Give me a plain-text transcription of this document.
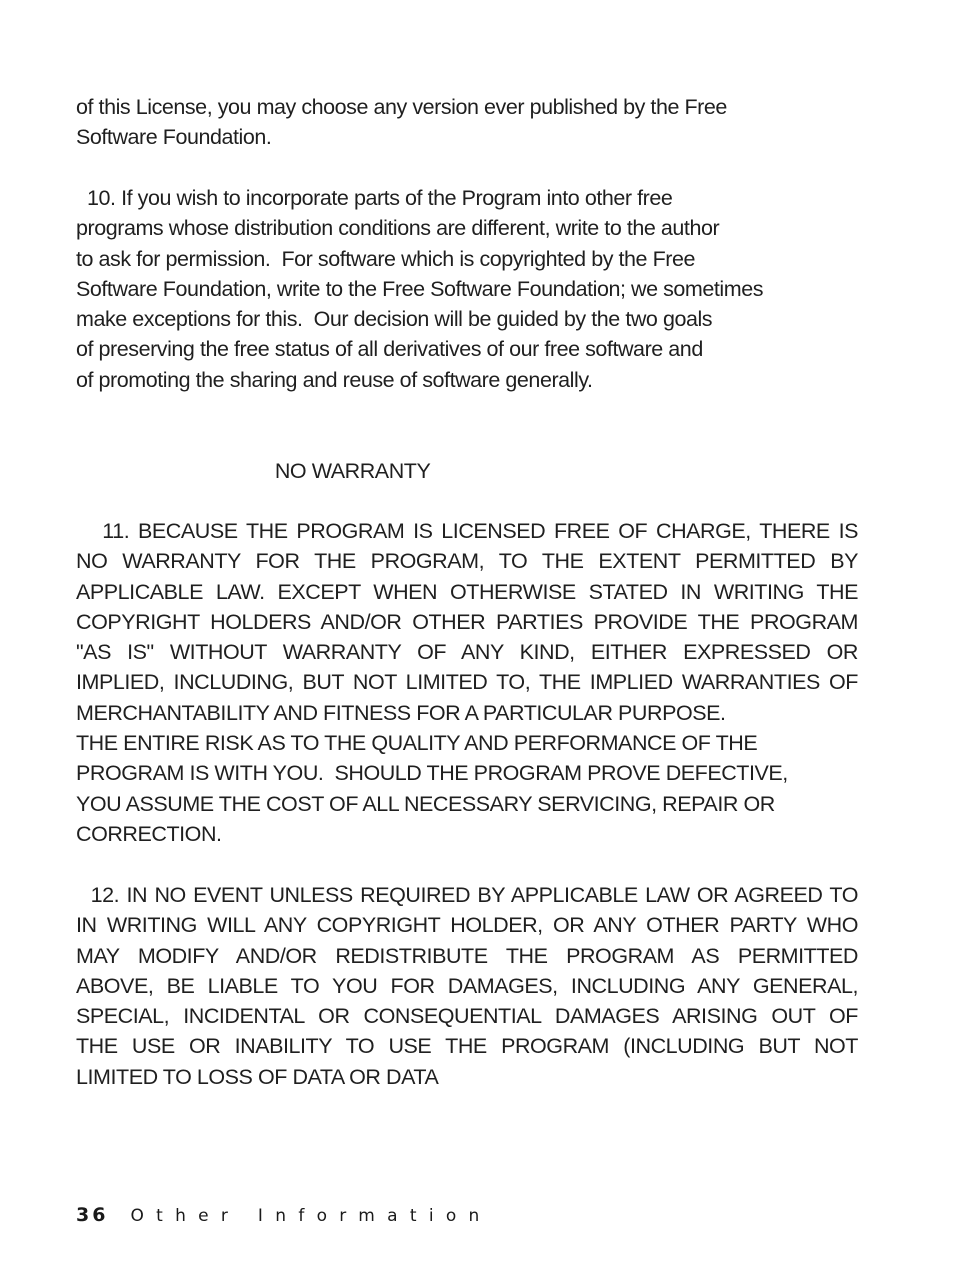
of this License, you may choose any version ever published by the Free
Software Foundation.
10. If you wish to incorporate parts of the Program into other free
programs whose distribution conditions are different, write to the author
to ask for permission.  For software which is copyrighted by the Free
Software Foundation, write to the Free Software Foundation; we sometimes
make exceptions for this.  Our decision will be guided by the two goals
of preserving the free status of all derivatives of our free software and
of promoting the sharing and reuse of software generally.
NO WARRANTY
11. BECAUSE THE PROGRAM IS LICENSED FREE OF CHARGE, THERE IS
NO WARRANTY FOR THE PROGRAM, TO THE EXTENT PERMITTED BY
APPLICABLE LAW. EXCEPT WHEN OTHERWISE STATED IN WRITING THE
COPYRIGHT HOLDERS AND/OR OTHER PARTIES PROVIDE THE PROGRAM
"AS IS" WITHOUT WARRANTY OF ANY KIND, EITHER EXPRESSED OR
IMPLIED, INCLUDING, BUT NOT LIMITED TO, THE IMPLIED WARRANTIES OF
MERCHANTABILITY AND FITNESS FOR A PARTICULAR PURPOSE.
THE ENTIRE RISK AS TO THE QUALITY AND PERFORMANCE OF THE
PROGRAM IS WITH YOU.  SHOULD THE PROGRAM PROVE DEFECTIVE,
YOU ASSUME THE COST OF ALL NECESSARY SERVICING, REPAIR OR
CORRECTION.
12. IN NO EVENT UNLESS REQUIRED BY APPLICABLE LAW OR AGREED TO
IN WRITING WILL ANY COPYRIGHT HOLDER, OR ANY OTHER PARTY WHO
MAY MODIFY AND/OR REDISTRIBUTE THE PROGRAM AS PERMITTED
ABOVE, BE LIABLE TO YOU FOR DAMAGES, INCLUDING ANY GENERAL,
SPECIAL, INCIDENTAL OR CONSEQUENTIAL DAMAGES ARISING OUT OF
THE USE OR INABILITY TO USE THE PROGRAM (INCLUDING BUT NOT
LIMITED TO LOSS OF DATA OR DATA
36 Other Information
